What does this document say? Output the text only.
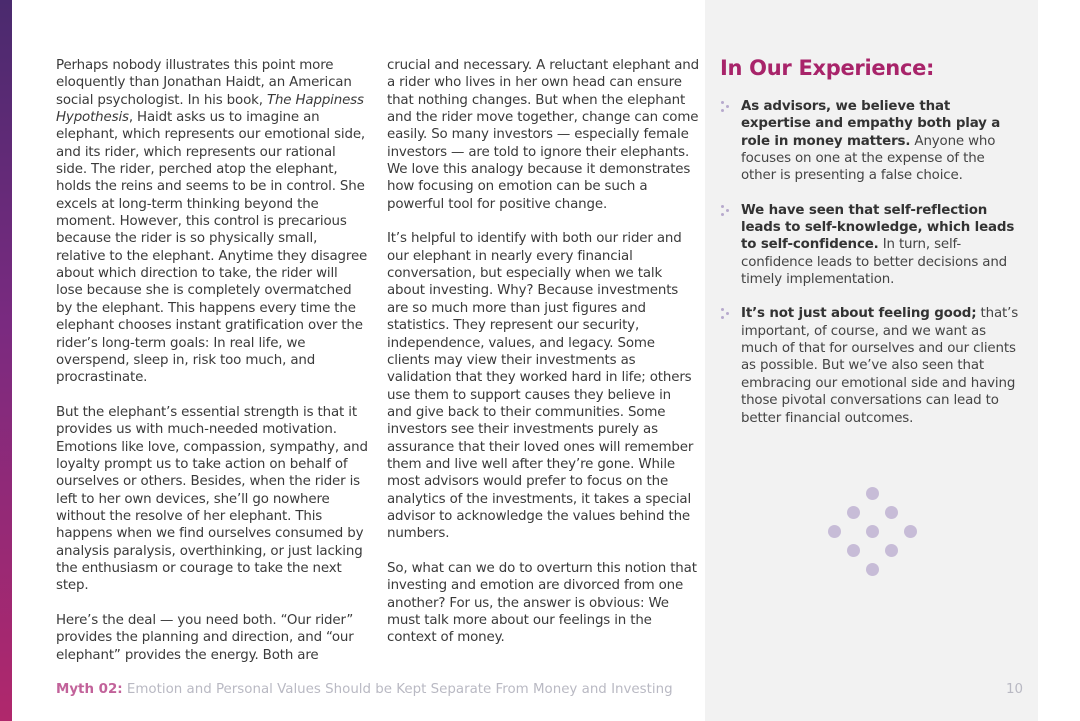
Perhaps nobody illustrates this point more eloquently than Jonathan Haidt, an American social psychologist. In his book, The Happiness Hypothesis, Haidt asks us to imagine an elephant, which represents our emotional side, and its rider, which represents our rational side. The rider, perched atop the elephant, holds the reins and seems to be in control. She excels at long-term thinking beyond the moment. However, this control is precarious because the rider is so physically small, relative to the elephant. Anytime they disagree about which direction to take, the rider will lose because she is completely overmatched by the elephant. This happens every time the elephant chooses instant gratification over the rider’s long-term goals: In real life, we overspend, sleep in, risk too much, and procrastinate.

But the elephant’s essential strength is that it provides us with much-needed motivation. Emotions like love, compassion, sympathy, and loyalty prompt us to take action on behalf of ourselves or others. Besides, when the rider is left to her own devices, she’ll go nowhere without the resolve of her elephant. This happens when we find ourselves consumed by analysis paralysis, overthinking, or just lacking the enthusiasm or courage to take the next step.

Here’s the deal — you need both. “Our rider” provides the planning and direction, and “our elephant” provides the energy. Both are

crucial and necessary. A reluctant elephant and a rider who lives in her own head can ensure that nothing changes. But when the elephant and the rider move together, change can come easily. So many investors — especially female investors — are told to ignore their elephants. We love this analogy because it demonstrates how focusing on emotion can be such a powerful tool for positive change.

It’s helpful to identify with both our rider and our elephant in nearly every financial conversation, but especially when we talk about investing. Why? Because investments are so much more than just figures and statistics. They represent our security, independence, values, and legacy. Some clients may view their investments as validation that they worked hard in life; others use them to support causes they believe in and give back to their communities. Some investors see their investments purely as assurance that their loved ones will remember them and live well after they’re gone. While most advisors would prefer to focus on the analytics of the investments, it takes a special advisor to acknowledge the values behind the numbers.

So, what can we do to overturn this notion that investing and emotion are divorced from one another? For us, the answer is obvious: We must talk more about our feelings in the context of money.

In Our Experience:
As advisors, we believe that expertise and empathy both play a role in money matters. Anyone who focuses on one at the expense of the other is presenting a false choice.
We have seen that self-reflection leads to self-knowledge, which leads to self-confidence. In turn, self-confidence leads to better decisions and timely implementation.
It’s not just about feeling good; that’s important, of course, and we want as much of that for ourselves and our clients as possible. But we’ve also seen that embracing our emotional side and having those pivotal conversations can lead to better financial outcomes.
Myth 02: Emotion and Personal Values Should be Kept Separate From Money and Investing	10
